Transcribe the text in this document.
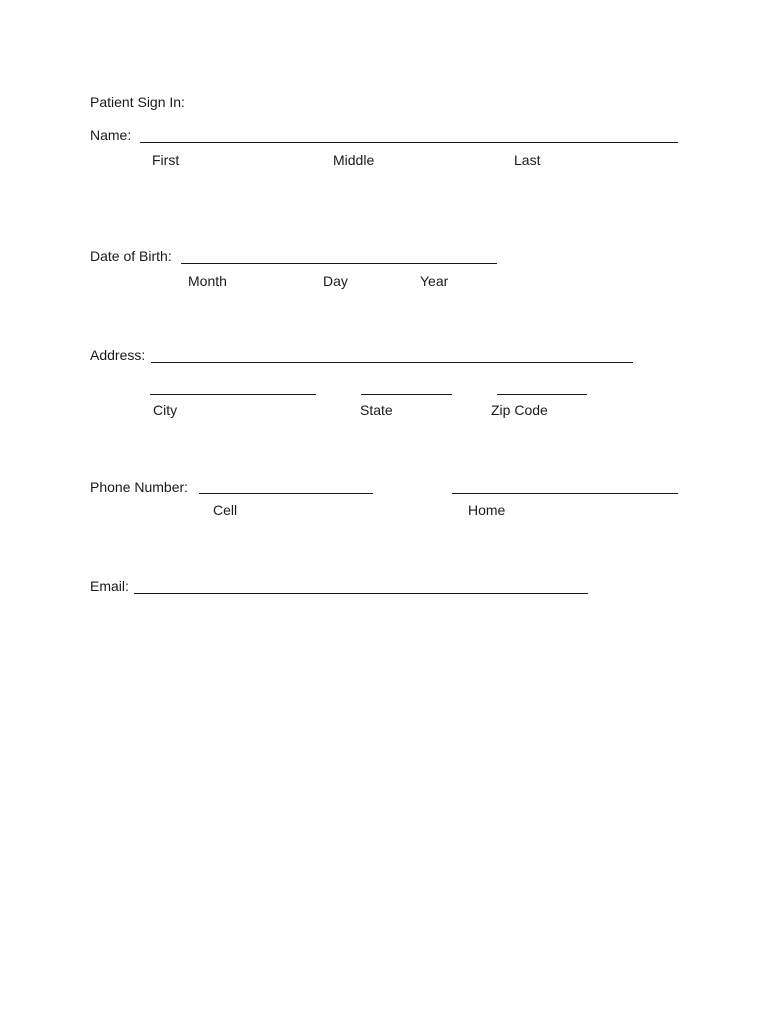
Patient Sign In:
Name:
First	Middle	Last
Date of Birth:
Month	Day	Year
Address:
City	State	Zip Code
Phone Number:
Cell	Home
Email:
